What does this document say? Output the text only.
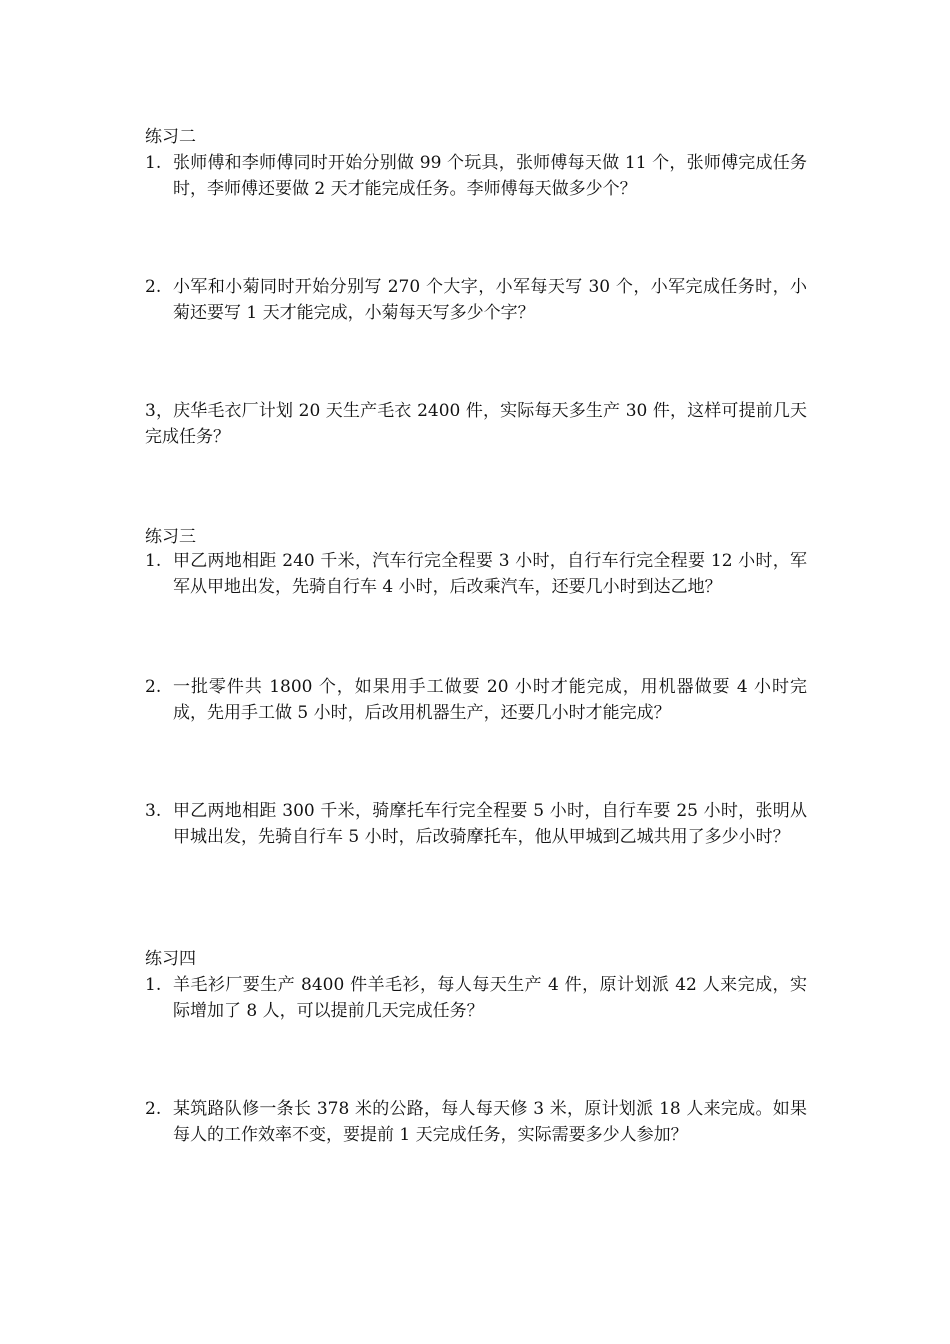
练习二
1. 张师傅和李师傅同时开始分别做 99 个玩具，张师傅每天做 11 个，张师傅完成任务时，李师傅还要做 2 天才能完成任务。李师傅每天做多少个？
2. 小军和小菊同时开始分别写 270 个大字，小军每天写 30 个，小军完成任务时，小菊还要写 1 天才能完成，小菊每天写多少个字？
3，庆华毛衣厂计划 20 天生产毛衣 2400 件，实际每天多生产 30 件，这样可提前几天完成任务？
练习三
1. 甲乙两地相距 240 千米，汽车行完全程要 3 小时，自行车行完全程要 12 小时，军军从甲地出发，先骑自行车 4 小时，后改乘汽车，还要几小时到达乙地？
2. 一批零件共 1800 个，如果用手工做要 20 小时才能完成，用机器做要 4 小时完成，先用手工做 5 小时，后改用机器生产，还要几小时才能完成？
3. 甲乙两地相距 300 千米，骑摩托车行完全程要 5 小时，自行车要 25 小时，张明从甲城出发，先骑自行车 5 小时，后改骑摩托车，他从甲城到乙城共用了多少小时？
练习四
1. 羊毛衫厂要生产 8400 件羊毛衫，每人每天生产 4 件，原计划派 42 人来完成，实际增加了 8 人，可以提前几天完成任务？
2. 某筑路队修一条长 378 米的公路，每人每天修 3 米，原计划派 18 人来完成。如果每人的工作效率不变，要提前 1 天完成任务，实际需要多少人参加？
